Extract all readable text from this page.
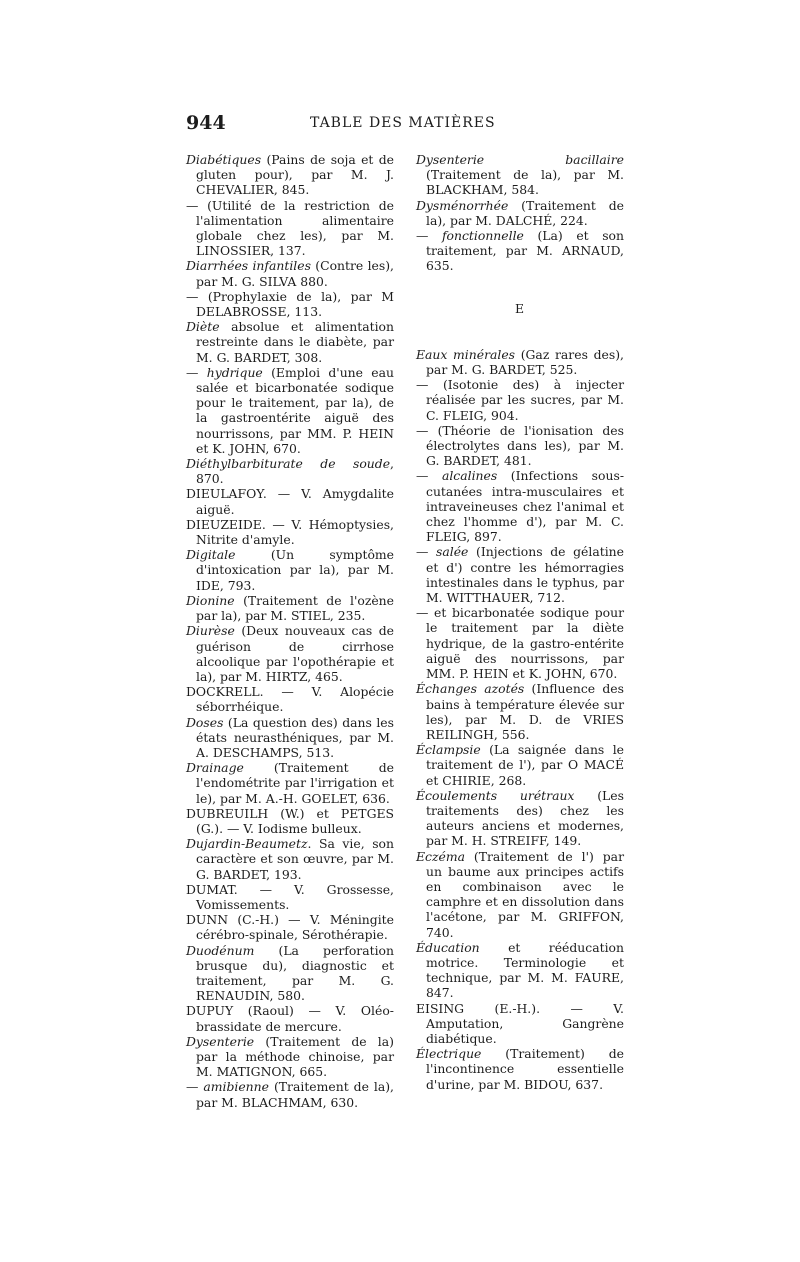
944	TABLE DES MATIÈRES

Diabétiques (Pains de soja et de gluten pour), par M. J. CHEVALIER, 845.

— (Utilité de la restriction de l'alimentation alimentaire globale chez les), par M. LINOSSIER, 137.

Diarrhées infantiles (Contre les), par M. G. SILVA 880.

— (Prophylaxie de la), par M DELABROSSE, 113.

Diète absolue et alimentation restreinte dans le diabète, par M. G. BARDET, 308.

— hydrique (Emploi d'une eau salée et bicarbonatée sodique pour le traitement, par la), de la gastroentérite aiguë des nourrissons, par MM. P. HEIN et K. JOHN, 670.

Diéthylbarbiturate de soude, 870.

DIEULAFOY. — V. Amygdalite aiguë.

DIEUZEIDE. — V. Hémoptysies, Nitrite d'amyle.

Digitale (Un symptôme d'intoxication par la), par M. IDE, 793.

Dionine (Traitement de l'ozène par la), par M. STIEL, 235.

Diurèse (Deux nouveaux cas de guérison de cirrhose alcoolique par l'opothérapie et la), par M. HIRTZ, 465.

DOCKRELL. — V. Alopécie séborrhéique.

Doses (La question des) dans les états neurasthéniques, par M. A. DESCHAMPS, 513.

Drainage (Traitement de l'endométrite par l'irrigation et le), par M. A.-H. GOELET, 636.

DUBREUILH (W.) et PETGES (G.). — V. Iodisme bulleux.

Dujardin-Beaumetz. Sa vie, son caractère et son œuvre, par M. G. BARDET, 193.

DUMAT. — V. Grossesse, Vomissements.

DUNN (C.-H.) — V. Méningite cérébro-spinale, Sérothérapie.

Duodénum (La perforation brusque du), diagnostic et traitement, par M. G. RENAUDIN, 580.

DUPUY (Raoul) — V. Oléo-brassidate de mercure.

Dysenterie (Traitement de la) par la méthode chinoise, par M. MATIGNON, 665.

— amibienne (Traitement de la), par M. BLACHMAM, 630.

Dysenterie bacillaire (Traitement de la), par M. BLACKHAM, 584.

Dysménorrhée (Traitement de la), par M. DALCHÉ, 224.

— fonctionnelle (La) et son traitement, par M. ARNAUD, 635.

E

Eaux minérales (Gaz rares des), par M. G. BARDET, 525.

— (Isotonie des) à injecter réalisée par les sucres, par M. C. FLEIG, 904.

— (Théorie de l'ionisation des électrolytes dans les), par M. G. BARDET, 481.

— alcalines (Infections sous-cutanées intra-musculaires et intraveineuses chez l'animal et chez l'homme d'), par M. C. FLEIG, 897.

— salée (Injections de gélatine et d') contre les hémorragies intestinales dans le typhus, par M. WITTHAUER, 712.

— et bicarbonatée sodique pour le traitement par la diète hydrique, de la gastro-entérite aiguë des nourrissons, par MM. P. HEIN et K. JOHN, 670.

Échanges azotés (Influence des bains à température élevée sur les), par M. D. de VRIES REILINGH, 556.

Éclampsie (La saignée dans le traitement de l'), par O MACÉ et CHIRIE, 268.

Écoulements urétraux (Les traitements des) chez les auteurs anciens et modernes, par M. H. STREIFF, 149.

Eczéma (Traitement de l') par un baume aux principes actifs en combinaison avec le camphre et en dissolution dans l'acétone, par M. GRIFFON, 740.

Éducation et rééducation motrice. Terminologie et technique, par M. M. FAURE, 847.

EISING (E.-H.). — V. Amputation, Gangrène diabétique.

Électrique (Traitement) de l'incontinence essentielle d'urine, par M. BIDOU, 637.
